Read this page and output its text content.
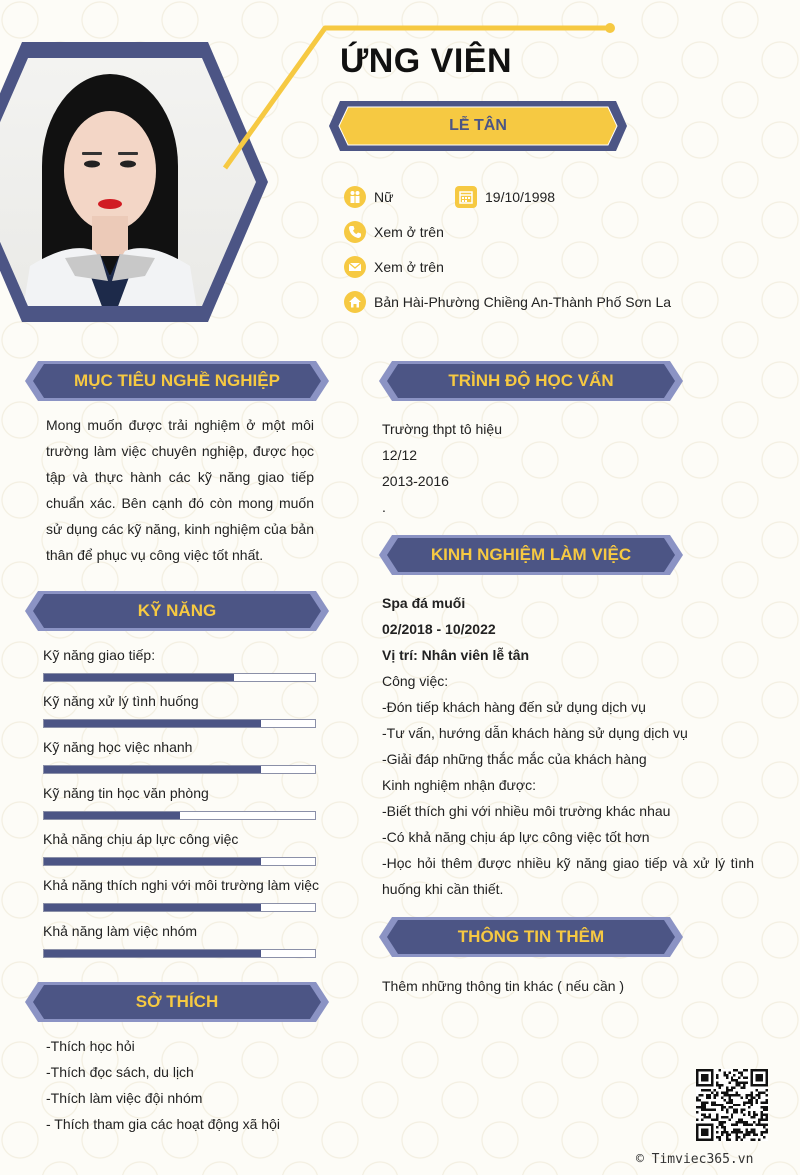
ỨNG VIÊN
LỄ TÂN
Nữ	19/10/1998
Xem ở trên
Xem ở trên
Bản Hài-Phường Chiềng An-Thành Phố Sơn La
MỤC TIÊU NGHỀ NGHIỆP
Mong muốn được trải nghiệm ở một môi trường làm việc chuyên nghiệp, được học tập và thực hành các kỹ năng giao tiếp chuẩn xác. Bên cạnh đó còn mong muốn sử dụng các kỹ năng, kinh nghiệm của bản thân để phục vụ công việc tốt nhất.
KỸ NĂNG
Kỹ năng giao tiếp:
Kỹ năng xử lý tình huống
Kỹ năng học việc nhanh
Kỹ năng tin học văn phòng
Khả năng chịu áp lực công việc
Khả năng thích nghi với môi trường làm việc
Khả năng làm việc nhóm
SỞ THÍCH
-Thích học hỏi
-Thích đọc sách, du lịch
-Thích làm việc đội nhóm
- Thích tham gia các hoạt động xã hội
TRÌNH ĐỘ HỌC VẤN
Trường thpt tô hiệu
12/12
2013-2016
.
KINH NGHIỆM LÀM VIỆC
Spa đá muối
02/2018 - 10/2022
Vị trí: Nhân viên lễ tân
Công việc:
-Đón tiếp khách hàng đến sử dụng dịch vụ
-Tư vấn, hướng dẫn khách hàng sử dụng dịch vụ
-Giải đáp những thắc mắc của khách hàng
Kinh nghiệm nhận được:
-Biết thích ghi với nhiều môi trường khác nhau
-Có khả năng chịu áp lực công việc tốt hơn
-Học hỏi thêm được nhiều kỹ năng giao tiếp và xử lý tình huống khi cần thiết.
THÔNG TIN THÊM
Thêm những thông tin khác ( nếu cần )
© Timviec365.vn
